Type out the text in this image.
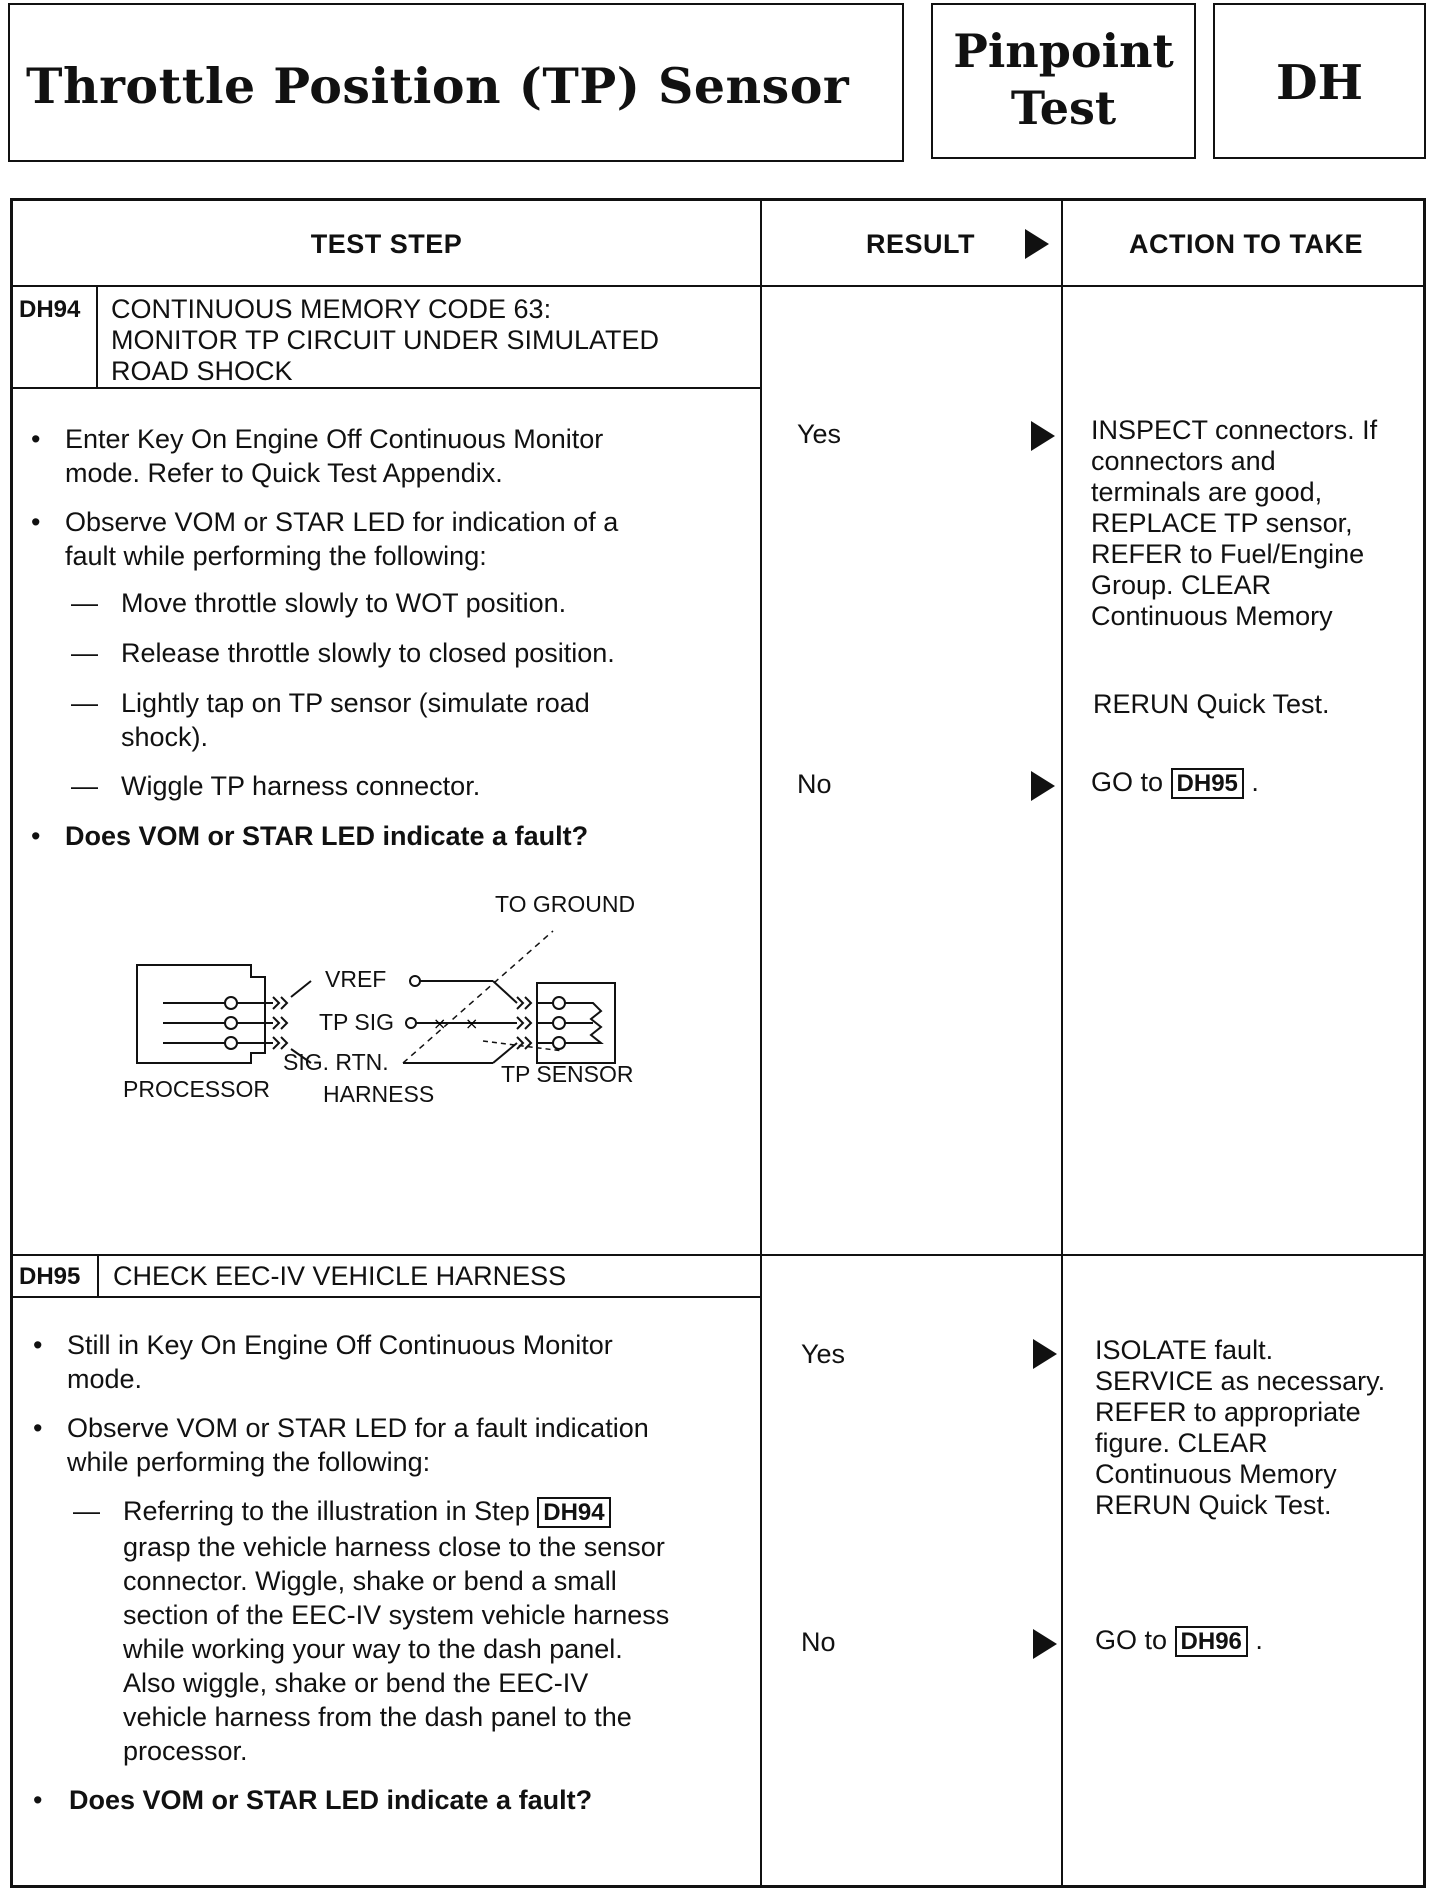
Throttle Position (TP) Sensor
Pinpoint
Test	DH
TEST STEP	RESULT	ACTION TO TAKE
DH94 CONTINUOUS MEMORY CODE 63:
MONITOR TP CIRCUIT UNDER SIMULATED
ROAD SHOCK
• Enter Key On Engine Off Continuous Monitor
mode. Refer to Quick Test Appendix.
• Observe VOM or STAR LED for indication of a
fault while performing the following:
— Move throttle slowly to WOT position.
— Release throttle slowly to closed position.
— Lightly tap on TP sensor (simulate road
shock).
— Wiggle TP harness connector.
• Does VOM or STAR LED indicate a fault?
× ×
TO GROUND
VREF
TP SIG
SIG. RTN.
PROCESSOR HARNESS
TP SENSOR
Yes	INSPECT connectors. If
connectors and
terminals are good,
REPLACE TP sensor,
REFER to Fuel/Engine
Group. CLEAR
Continuous Memory
RERUN Quick Test.
No	GO to DH95 .
DH95 CHECK EEC-IV VEHICLE HARNESS
• Still in Key On Engine Off Continuous Monitor
mode.
• Observe VOM or STAR LED for a fault indication
while performing the following:
— Referring to the illustration in Step DH94
grasp the vehicle harness close to the sensor
connector. Wiggle, shake or bend a small
section of the EEC-IV system vehicle harness
while working your way to the dash panel.
Also wiggle, shake or bend the EEC-IV
vehicle harness from the dash panel to the
processor.
• Does VOM or STAR LED indicate a fault?
Yes	ISOLATE fault.
SERVICE as necessary.
REFER to appropriate
figure. CLEAR
Continuous Memory
RERUN Quick Test.
No	GO to DH96 .
